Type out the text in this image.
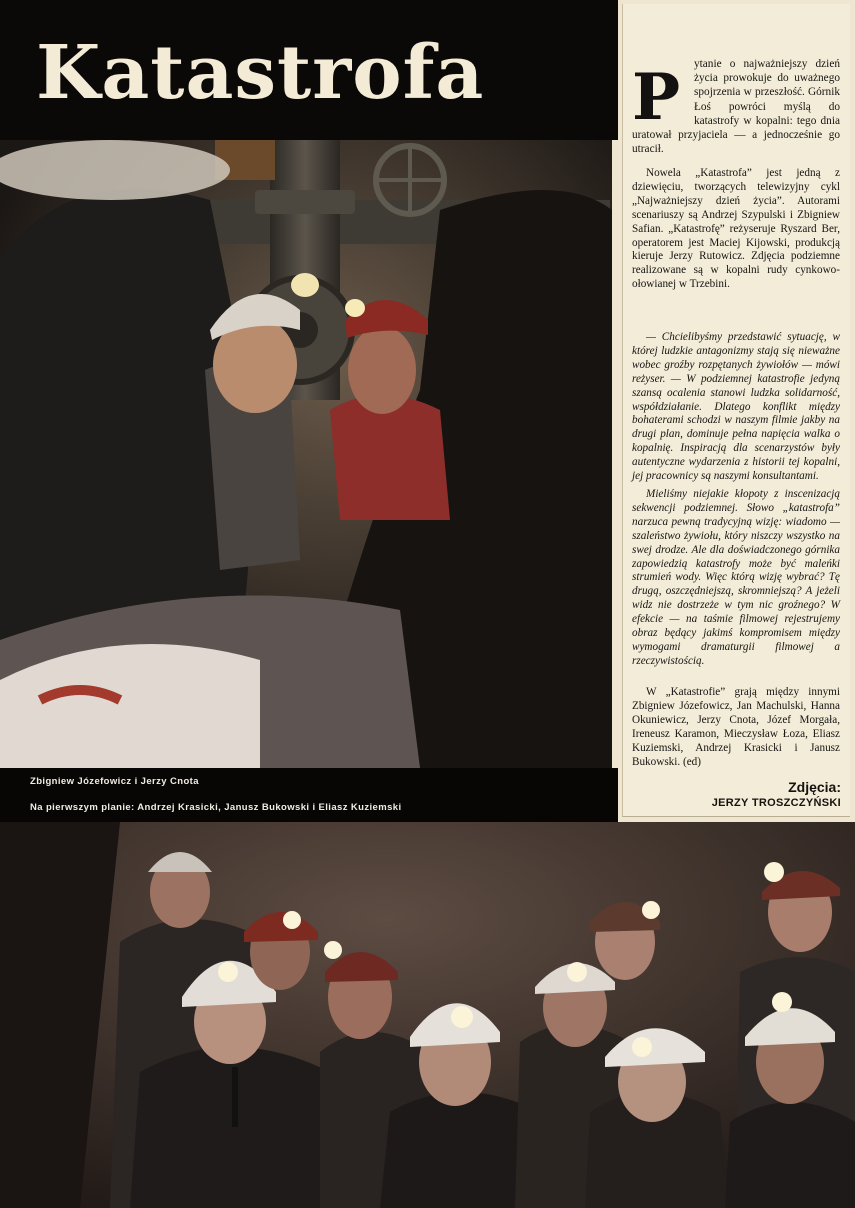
Katastrofa

Zbigniew Józefowicz i Jerzy Cnota

Na pierwszym planie: Andrzej Krasicki, Janusz Bukowski i Eliasz Kuziemski

P	ytanie o najważniejszy dzień życia prowokuje do uważnego spojrzenia w przeszłość. Górnik Łoś powróci myślą do katastrofy w kopalni: tego dnia uratował przyjaciela — a jednocześnie go utracił.

Nowela „Katastrofa” jest jedną z dziewięciu, tworzących telewizyjny cykl „Najważniejszy dzień życia”. Autorami scenariuszy są Andrzej Szypulski i Zbigniew Safian. „Katastrofę” reżyseruje Ryszard Ber, operatorem jest Maciej Kijowski, produkcją kieruje Jerzy Rutowicz. Zdjęcia podziemne realizowane są w kopalni rudy cynkowo-ołowianej w Trzebini.

— Chcielibyśmy przedstawić sytuację, w której ludzkie antagonizmy stają się nieważne wobec groźby rozpętanych żywiołów — mówi reżyser. — W podziemnej katastrofie jedyną szansą ocalenia stanowi ludzka solidarność, współdziałanie. Dlatego konflikt między bohaterami schodzi w naszym filmie jakby na drugi plan, dominuje pełna napięcia walka o kopalnię. Inspiracją dla scenarzystów były autentyczne wydarzenia z historii tej kopalni, jej pracownicy są naszymi konsultantami.

Mieliśmy niejakie kłopoty z inscenizacją sekwencji podziemnej. Słowo „katastrofa” narzuca pewną tradycyjną wizję: wiadomo — szaleństwo żywiołu, który niszczy wszystko na swej drodze. Ale dla doświadczonego górnika zapowiedzią katastrofy może być maleńki strumień wody. Więc którą wizję wybrać? Tę drugą, oszczędniejszą, skromniejszą? A jeżeli widz nie dostrzeże w tym nic groźnego? W efekcie — na taśmie filmowej rejestrujemy obraz będący jakimś kompromisem między wymogami dramaturgii filmowej a rzeczywistością.

W „Katastrofie” grają między innymi Zbigniew Józefowicz, Jan Machulski, Hanna Okuniewicz, Jerzy Cnota, Józef Morgała, Ireneusz Karamon, Mieczysław Łoza, Eliasz Kuziemski, Andrzej Krasicki i Janusz Bukowski. (ed)

Zdjęcia:

JERZY TROSZCZYŃSKI
